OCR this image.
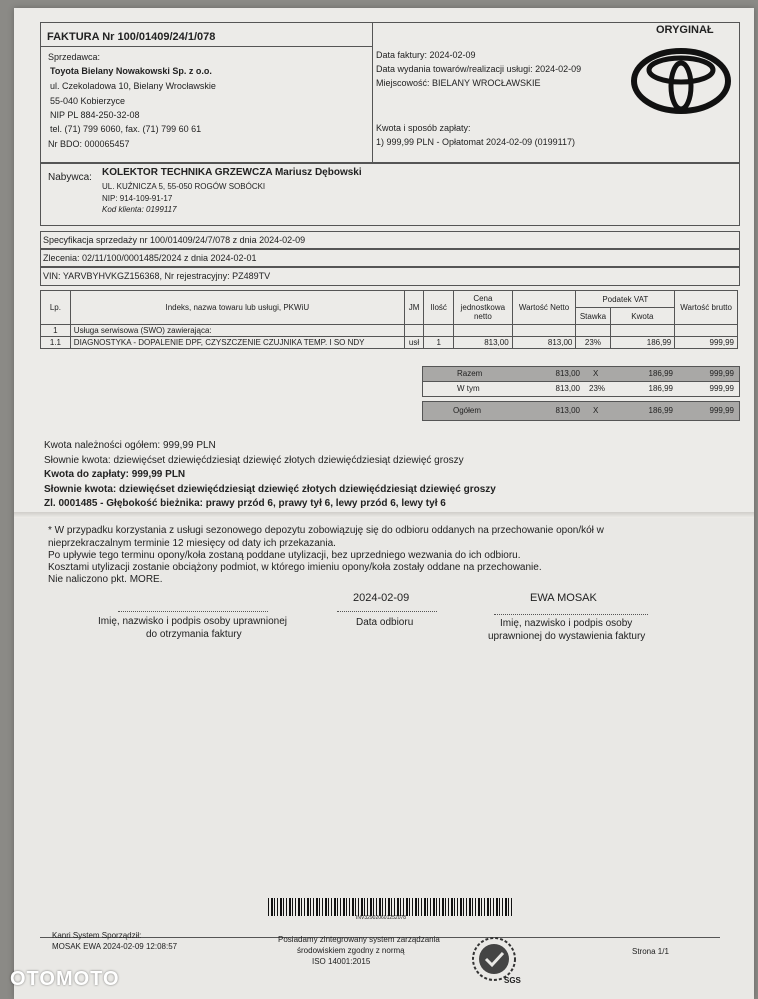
FAKTURA Nr 100/01409/24/1/078
ORYGINAŁ
Sprzedawca:
Toyota Bielany Nowakowski Sp. z o.o.
ul. Czekoladowa 10, Bielany Wrocławskie
55-040 Kobierzyce
NIP PL 884-250-32-08
tel. (71) 799 6060, fax. (71) 799 60 61
Nr BDO: 000065457
Data faktury: 2024-02-09
Data wydania towarów/realizacji usługi: 2024-02-09
Miejscowość: BIELANY WROCŁAWSKIE
Kwota i sposób zapłaty:
1) 999,99 PLN - Opłatomat 2024-02-09 (0199117)
Nabywca: KOLEKTOR TECHNIKA GRZEWCZA Mariusz Dębowski
UL. KUŹNICZA 5, 55-050 ROGÓW SOBÓCKI
NIP: 914-109-91-17
Kod klienta: 0199117
Specyfikacja sprzedaży nr 100/01409/24/7/078 z dnia 2024-02-09
Zlecenia: 02/11/100/0001485/2024 z dnia 2024-02-01
VIN: YARVBYHVKGZ156368, Nr rejestracyjny: PZ489TV
Lp.	Indeks, nazwa towaru lub usługi, PKWiU	JM	Ilość	Cena jednostkowa netto	Wartość Netto	Podatek VAT		Wartość brutto
						Stawka	Kwota	
1	Usługa serwisowa (SWO) zawierająca:							
1.1	DIAGNOSTYKA - DOPALENIE DPF, CZYSZCZENIE CZUJNIKA TEMP. I SO NDY	usł	1	813,00	813,00	23%	186,99	999,99
Razem	813,00 X	186,99	999,99
W tym	813,00 23%	186,99	999,99
Ogółem	813,00 X	186,99	999,99
Kwota należności ogółem: 999,99 PLN
Słownie kwota: dziewięćset dziewięćdziesiąt dziewięć złotych dziewięćdziesiąt dziewięć groszy
Kwota do zapłaty: 999,99 PLN
Słownie kwota: dziewięćset dziewięćdziesiąt dziewięć złotych dziewięćdziesiąt dziewięć groszy
Zl. 0001485 - Głębokość bieżnika: prawy przód 6, prawy tył 6, lewy przód 6, lewy tył 6
* W przypadku korzystania z usługi sezonowego depozytu zobowiązuję się do odbioru oddanych na przechowanie opon/kół w
nieprzekraczalnym terminie 12 miesięcy od daty ich przekazania.
Po upływie tego terminu opony/koła zostaną poddane utylizacji, bez uprzedniego wezwania do ich odbioru.
Kosztami utylizacji zostanie obciążony podmiot, w którego imieniu opony/koła zostały oddane na przechowanie.
Nie naliczono pkt. MORE.
Imię, nazwisko i podpis osoby uprawnionej
do otrzymania faktury
2024-02-09
Data odbioru
EWA MOSAK
Imię, nazwisko i podpis osoby
uprawnionej do wystawienia faktury
INV329020601252078
Kanri System Sporządził:
MOSAK EWA 2024-02-09 12:08:57
Posiadamy zintegrowany system zarządzania
środowiskiem zgodny z normą
ISO 14001:2015
SGS
Strona 1/1
OTOMOTO
